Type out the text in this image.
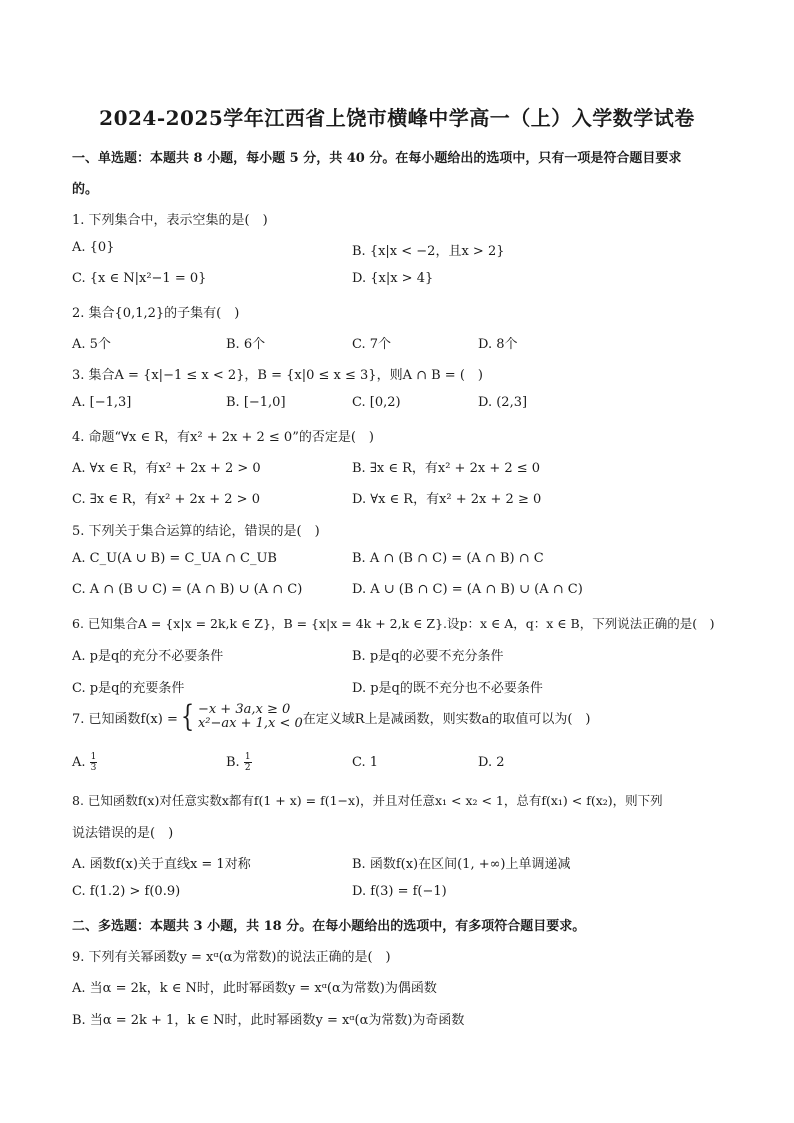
2024-2025学年江西省上饶市横峰中学高一（上）入学数学试卷
一、单选题：本题共 8 小题，每小题 5 分，共 40 分。在每小题给出的选项中，只有一项是符合题目要求
的。
1. 下列集合中，表示空集的是(　)
A. {0}	B. {x|x < −2，且x > 2}
C. {x ∈ N|x²−1 = 0}	D. {x|x > 4}
2. 集合{0,1,2}的子集有(　)
A. 5个	B. 6个	C. 7个	D. 8个
3. 集合A = {x|−1 ≤ x < 2}，B = {x|0 ≤ x ≤ 3}，则A ∩ B = (　)
A. [−1,3]	B. [−1,0]	C. [0,2)	D. (2,3]
4. 命题“∀x ∈ R，有x² + 2x + 2 ≤ 0”的否定是(　)
A. ∀x ∈ R，有x² + 2x + 2 > 0	B. ∃x ∈ R，有x² + 2x + 2 ≤ 0
C. ∃x ∈ R，有x² + 2x + 2 > 0	D. ∀x ∈ R，有x² + 2x + 2 ≥ 0
5. 下列关于集合运算的结论，错误的是(　)
A. C_U(A ∪ B) = C_UA ∩ C_UB	B. A ∩ (B ∩ C) = (A ∩ B) ∩ C
C. A ∩ (B ∪ C) = (A ∩ B) ∪ (A ∩ C)	D. A ∪ (B ∩ C) = (A ∩ B) ∪ (A ∩ C)
6. 已知集合A = {x|x = 2k,k ∈ Z}，B = {x|x = 4k + 2,k ∈ Z}.设p：x ∈ A，q：x ∈ B，下列说法正确的是(　)
A. p是q的充分不必要条件	B. p是q的必要不充分条件
C. p是q的充要条件	D. p是q的既不充分也不必要条件
7. 已知函数f(x) = { −x + 3a,x ≥ 0
x²−ax + 1,x < 0 在定义域R上是减函数，则实数a的取值可以为(　)
A. $\frac{1}{3}$	B. $\frac{1}{2}$	C. 1	D. 2
8. 已知函数f(x)对任意实数x都有f(1 + x) = f(1−x)，并且对任意x₁ < x₂ < 1，总有f(x₁) < f(x₂)，则下列
说法错误的是(　)
A. 函数f(x)关于直线x = 1对称	B. 函数f(x)在区间(1, +∞)上单调递减
C. f(1.2) > f(0.9)	D. f(3) = f(−1)
二、多选题：本题共 3 小题，共 18 分。在每小题给出的选项中，有多项符合题目要求。
9. 下列有关幂函数y = xᵅ(α为常数)的说法正确的是(　)
A. 当α = 2k，k ∈ N时，此时幂函数y = xᵅ(α为常数)为偶函数
B. 当α = 2k + 1，k ∈ N时，此时幂函数y = xᵅ(α为常数)为奇函数
